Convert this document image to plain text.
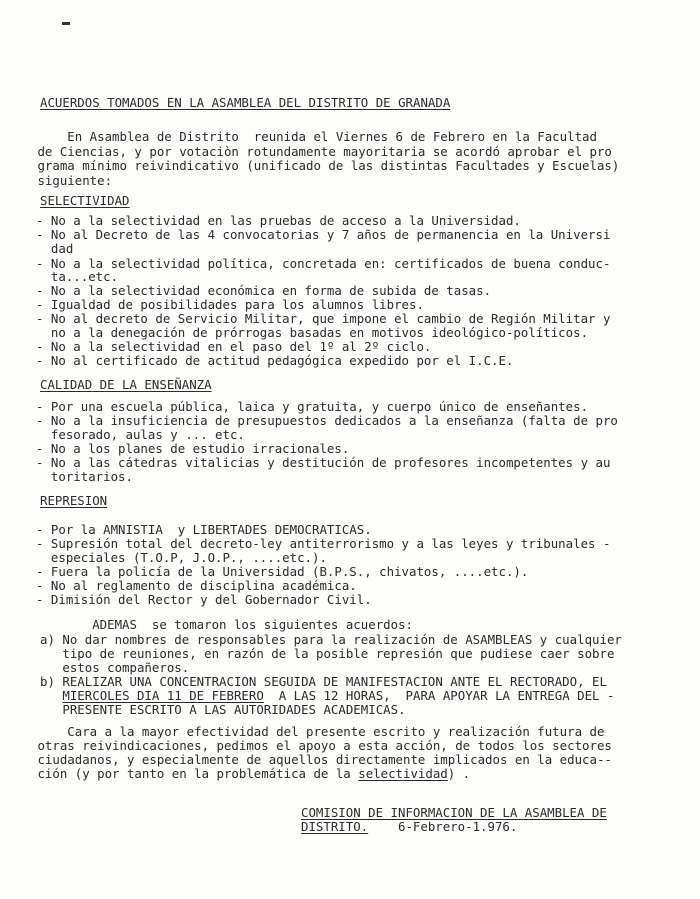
ACUERDOS TOMADOS EN LA ASAMBLEA DEL DISTRITO DE GRANADA
En Asamblea de Distrito  reunida el Viernes 6 de Febrero en la Facultad
de Ciencias, y por votaciòn rotundamente mayoritaria se acordó aprobar el pro
grama mínimo reivindicativo (unificado de las distintas Facultades y Escuelas)
siguiente:
SELECTIVIDAD
- No a la selectividad en las pruebas de acceso a la Universidad.
- No al Decreto de las 4 convocatorias y 7 años de permanencia en la Universi
dad
- No a la selectividad política, concretada en: certificados de buena conduc-
ta...etc.
- No a la selectividad económica en forma de subida de tasas.
- Igualdad de posibilidades para los alumnos libres.
- No al decreto de Servicio Militar, que impone el cambio de Región Militar y
no a la denegación de prórrogas basadas en motivos ideológico-políticos.
- No a la selectividad en el paso del 1º al 2º ciclo.
- No al certificado de actitud pedagógica expedido por el I.C.E.
CALIDAD DE LA ENSEÑANZA
- Por una escuela pública, laica y gratuita, y cuerpo único de enseñantes.
- No a la insuficiencia de presupuestos dedicados a la enseñanza (falta de pro
fesorado, aulas y ... etc.
- No a los planes de estudio irracionales.
- No a las cátedras vitalicias y destitución de profesores incompetentes y au
toritarios.
REPRESION
- Por la AMNISTIA  y LIBERTADES DEMOCRATICAS.
- Supresión total del decreto-ley antiterrorismo y a las leyes y tribunales -
especiales (T.O.P, J.O.P., ....etc.).
- Fuera la policía de la Universidad (B.P.S., chivatos, ....etc.).
- No al reglamento de disciplina académica.
- Dimisión del Rector y del Gobernador Civil.
ADEMAS  se tomaron los siguientes acuerdos:
a) No dar nombres de responsables para la realización de ASAMBLEAS y cualquier
tipo de reuniones, en razón de la posible represión que pudiese caer sobre
estos compañeros.
b) REALIZAR UNA CONCENTRACION SEGUIDA DE MANIFESTACION ANTE EL RECTORADO, EL
MIERCOLES DIA 11 DE FEBRERO  A LAS 12 HORAS,  PARA APOYAR LA ENTREGA DEL -
PRESENTE ESCRITO A LAS AUTORIDADES ACADEMICAS.
Cara a la mayor efectividad del presente escrito y realización futura de
otras reivindicaciones, pedimos el apoyo a esta acción, de todos los sectores
ciudadanos, y especialmente de aquellos directamente implicados en la educa--
ción (y por tanto en la problemática de la selectividad) .
COMISION DE INFORMACION DE LA ASAMBLEA DE
DISTRITO.    6-Febrero-1.976.
